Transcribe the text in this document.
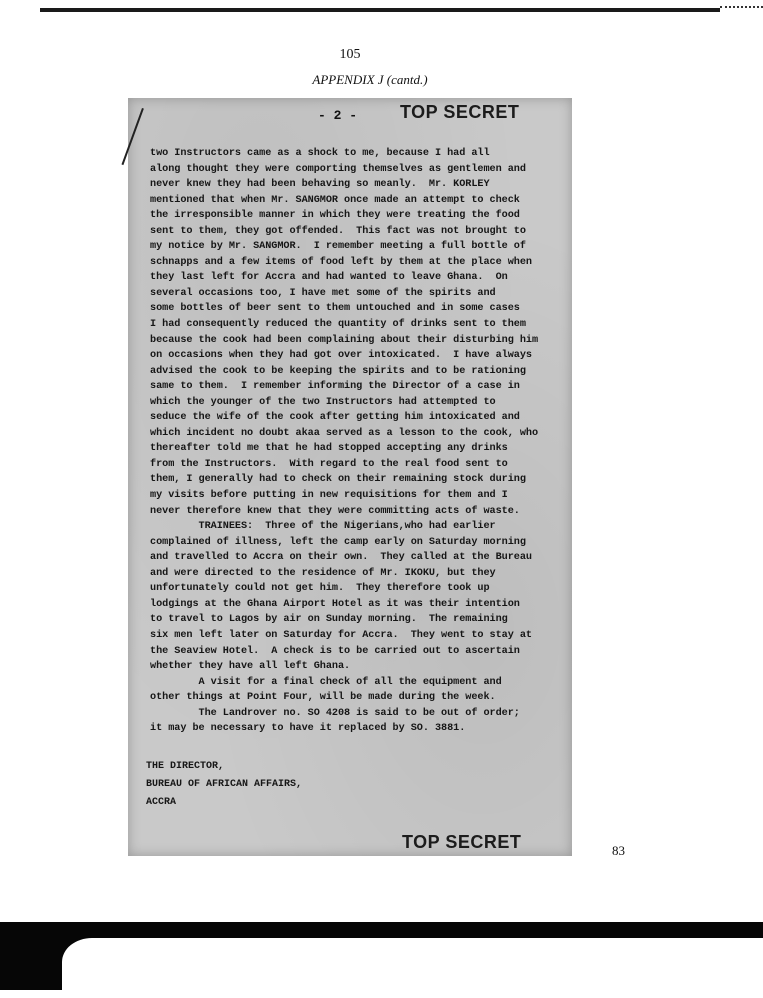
105
APPENDIX J (cantd.)
- 2 - TOP SECRET
two Instructors came as a shock to me, because I had all
along thought they were comporting themselves as gentlemen and
never knew they had been behaving so meanly.  Mr. KORLEY
mentioned that when Mr. SANGMOR once made an attempt to check
the irresponsible manner in which they were treating the food
sent to them, they got offended.  This fact was not brought to
my notice by Mr. SANGMOR.  I remember meeting a full bottle of
schnapps and a few items of food left by them at the place when
they last left for Accra and had wanted to leave Ghana.  On
several occasions too, I have met some of the spirits and
some bottles of beer sent to them untouched and in some cases
I had consequently reduced the quantity of drinks sent to them
because the cook had been complaining about their disturbing him
on occasions when they had got over intoxicated.  I have always
advised the cook to be keeping the spirits and to be rationing
same to them.  I remember informing the Director of a case in
which the younger of the two Instructors had attempted to
seduce the wife of the cook after getting him intoxicated and
which incident no doubt akaa served as a lesson to the cook, who
thereafter told me that he had stopped accepting any drinks
from the Instructors.  With regard to the real food sent to
them, I generally had to check on their remaining stock during
my visits before putting in new requisitions for them and I
never therefore knew that they were committing acts of waste.
TRAINEES:  Three of the Nigerians,who had earlier
complained of illness, left the camp early on Saturday morning
and travelled to Accra on their own.  They called at the Bureau
and were directed to the residence of Mr. IKOKU, but they
unfortunately could not get him.  They therefore took up
lodgings at the Ghana Airport Hotel as it was their intention
to travel to Lagos by air on Sunday morning.  The remaining
six men left later on Saturday for Accra.  They went to stay at
the Seaview Hotel.  A check is to be carried out to ascertain
whether they have all left Ghana.
A visit for a final check of all the equipment and
other things at Point Four, will be made during the week.
The Landrover no. SO 4208 is said to be out of order;
it may be necessary to have it replaced by SO. 3881.
THE DIRECTOR,
BUREAU OF AFRICAN AFFAIRS,
ACCRA
TOP SECRET	83
